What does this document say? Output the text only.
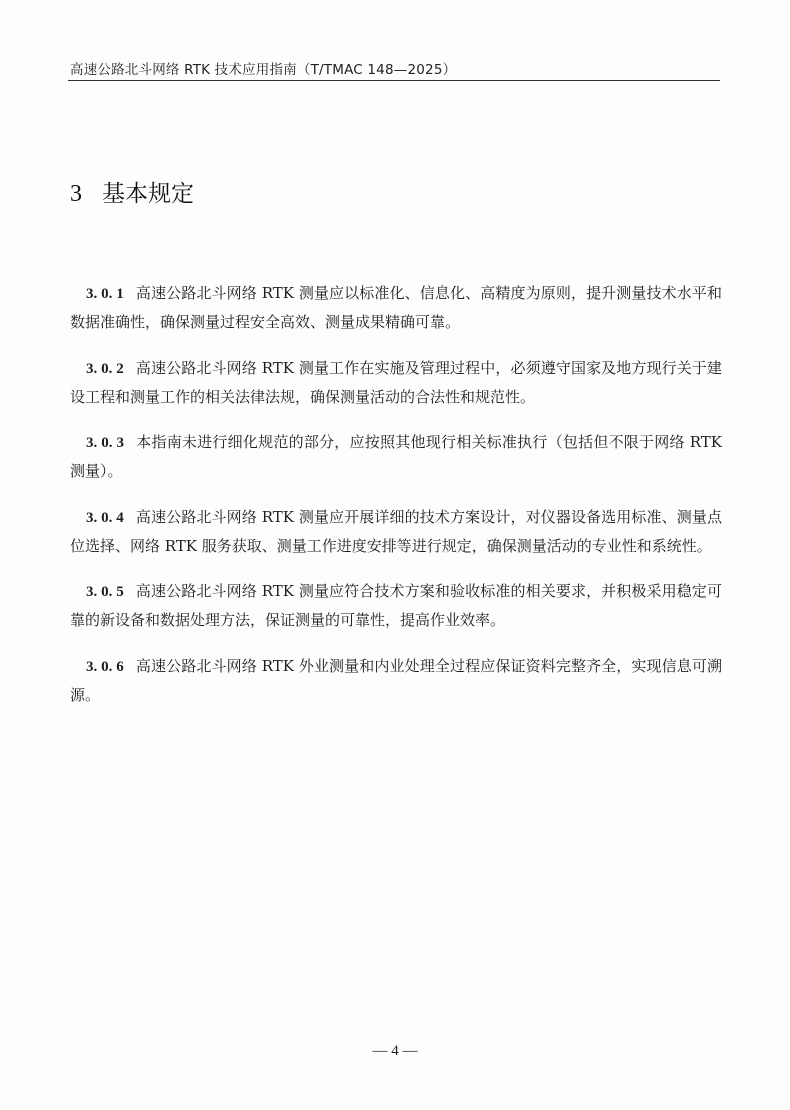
高速公路北斗网络 RTK 技术应用指南（T/TMAC 148—2025）
3 基本规定

3. 0. 1 高速公路北斗网络 RTK 测量应以标准化、信息化、高精度为原则，提升测量技术水平和数据准确性，确保测量过程安全高效、测量成果精确可靠。

3. 0. 2 高速公路北斗网络 RTK 测量工作在实施及管理过程中，必须遵守国家及地方现行关于建设工程和测量工作的相关法律法规，确保测量活动的合法性和规范性。

3. 0. 3 本指南未进行细化规范的部分，应按照其他现行相关标准执行（包括但不限于网络 RTK 测量）。

3. 0. 4 高速公路北斗网络 RTK 测量应开展详细的技术方案设计，对仪器设备选用标准、测量点位选择、网络 RTK 服务获取、测量工作进度安排等进行规定，确保测量活动的专业性和系统性。

3. 0. 5 高速公路北斗网络 RTK 测量应符合技术方案和验收标准的相关要求，并积极采用稳定可靠的新设备和数据处理方法，保证测量的可靠性，提高作业效率。

3. 0. 6 高速公路北斗网络 RTK 外业测量和内业处理全过程应保证资料完整齐全，实现信息可溯源。

— 4 —
